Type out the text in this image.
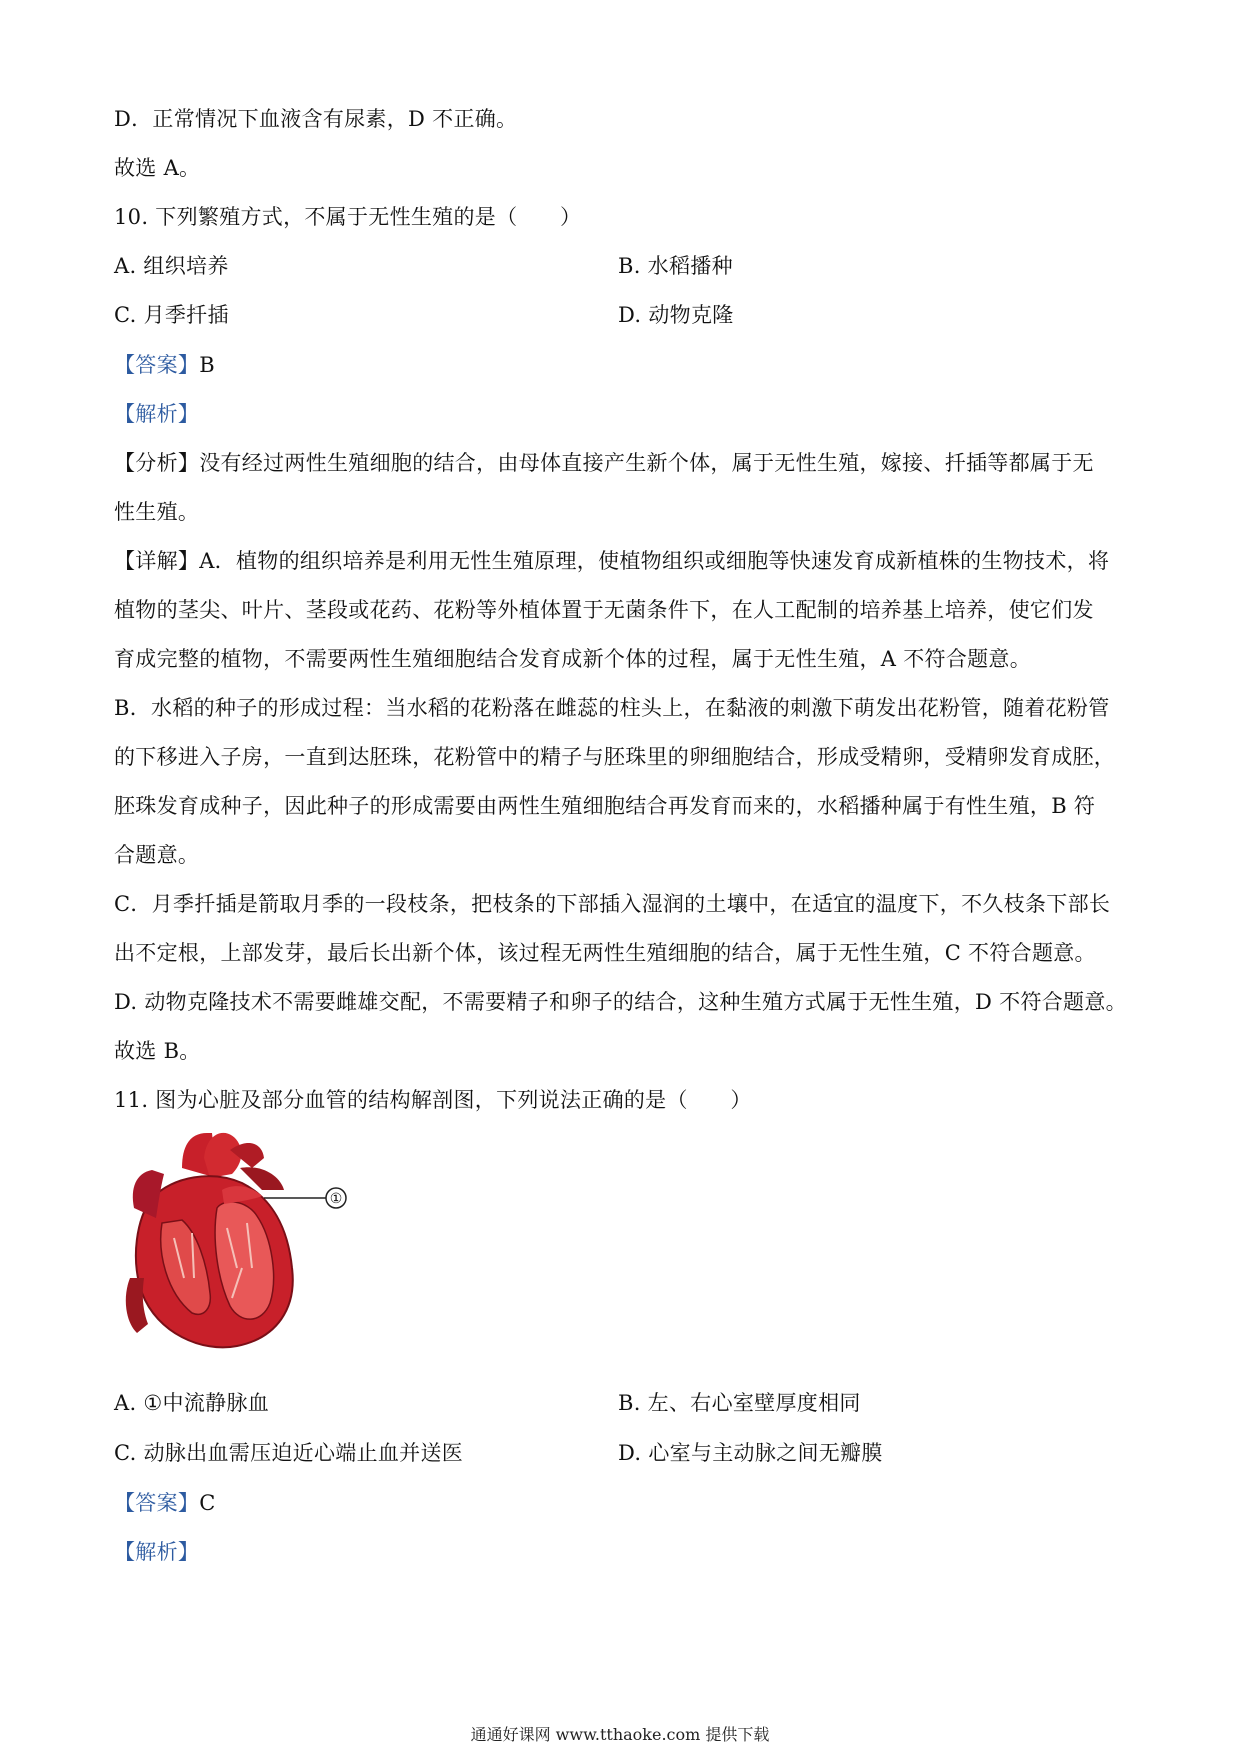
D．正常情况下血液含有尿素，D 不正确。
故选 A。
10. 下列繁殖方式，不属于无性生殖的是（　　）
A. 组织培养	B. 水稻播种
C. 月季扦插	D. 动物克隆
【答案】B
【解析】
【分析】没有经过两性生殖细胞的结合，由母体直接产生新个体，属于无性生殖，嫁接、扦插等都属于无
性生殖。
【详解】A．植物的组织培养是利用无性生殖原理，使植物组织或细胞等快速发育成新植株的生物技术，将
植物的茎尖、叶片、茎段或花药、花粉等外植体置于无菌条件下，在人工配制的培养基上培养，使它们发
育成完整的植物，不需要两性生殖细胞结合发育成新个体的过程，属于无性生殖，A 不符合题意。
B．水稻的种子的形成过程：当水稻的花粉落在雌蕊的柱头上，在黏液的刺激下萌发出花粉管，随着花粉管
的下移进入子房，一直到达胚珠，花粉管中的精子与胚珠里的卵细胞结合，形成受精卵，受精卵发育成胚，
胚珠发育成种子，因此种子的形成需要由两性生殖细胞结合再发育而来的，水稻播种属于有性生殖，B 符
合题意。
C．月季扦插是箭取月季的一段枝条，把枝条的下部插入湿润的土壤中，在适宜的温度下，不久枝条下部长
出不定根，上部发芽，最后长出新个体，该过程无两性生殖细胞的结合，属于无性生殖，C 不符合题意。
D. 动物克隆技术不需要雌雄交配，不需要精子和卵子的结合，这种生殖方式属于无性生殖，D 不符合题意。
故选 B。
11. 图为心脏及部分血管的结构解剖图，下列说法正确的是（　　）
①
A. ①中流静脉血	B. 左、右心室壁厚度相同
C. 动脉出血需压迫近心端止血并送医	D. 心室与主动脉之间无瓣膜
【答案】C
【解析】
通通好课网 www.tthaoke.com 提供下载
